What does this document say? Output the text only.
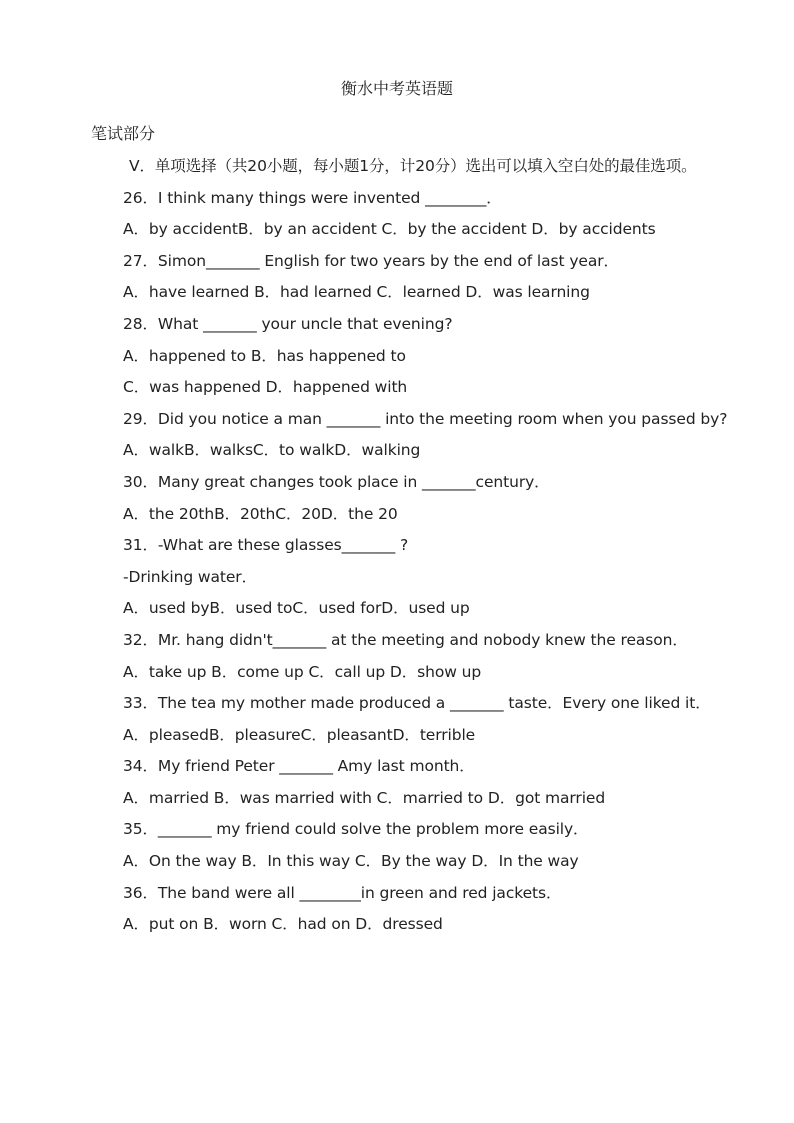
衡水中考英语题
笔试部分
Ⅴ．单项选择（共20小题，每小题1分，计20分）选出可以填入空白处的最佳选项。
26．I think many things were invented ________．
A．by accidentB．by an accident C．by the accident D．by accidents
27．Simon_______ English for two years by the end of last year．
A．have learned B．had learned C．learned D．was learning
28．What _______ your uncle that evening?
A．happened to B．has happened to
C．was happened D．happened with
29．Did you notice a man _______ into the meeting room when you passed by?
A．walkB．walksC．to walkD．walking
30．Many great changes took place in _______century．
A．the 20thB．20thC．20D．the 20
31．-What are these glasses_______ ?
-Drinking water．
A．used byB．used toC．used forD．used up
32．Mr. hang didn't_______ at the meeting and nobody knew the reason．
A．take up B．come up C．call up D．show up
33．The tea my mother made produced a _______ taste．Every one liked it．
A．pleasedB．pleasureC．pleasantD．terrible
34．My friend Peter _______ Amy last month．
A．married B．was married with C．married to D．got married
35．_______ my friend could solve the problem more easily．
A．On the way B．In this way C．By the way D．In the way
36．The band were all ________in green and red jackets．
A．put on B．worn C．had on D．dressed
